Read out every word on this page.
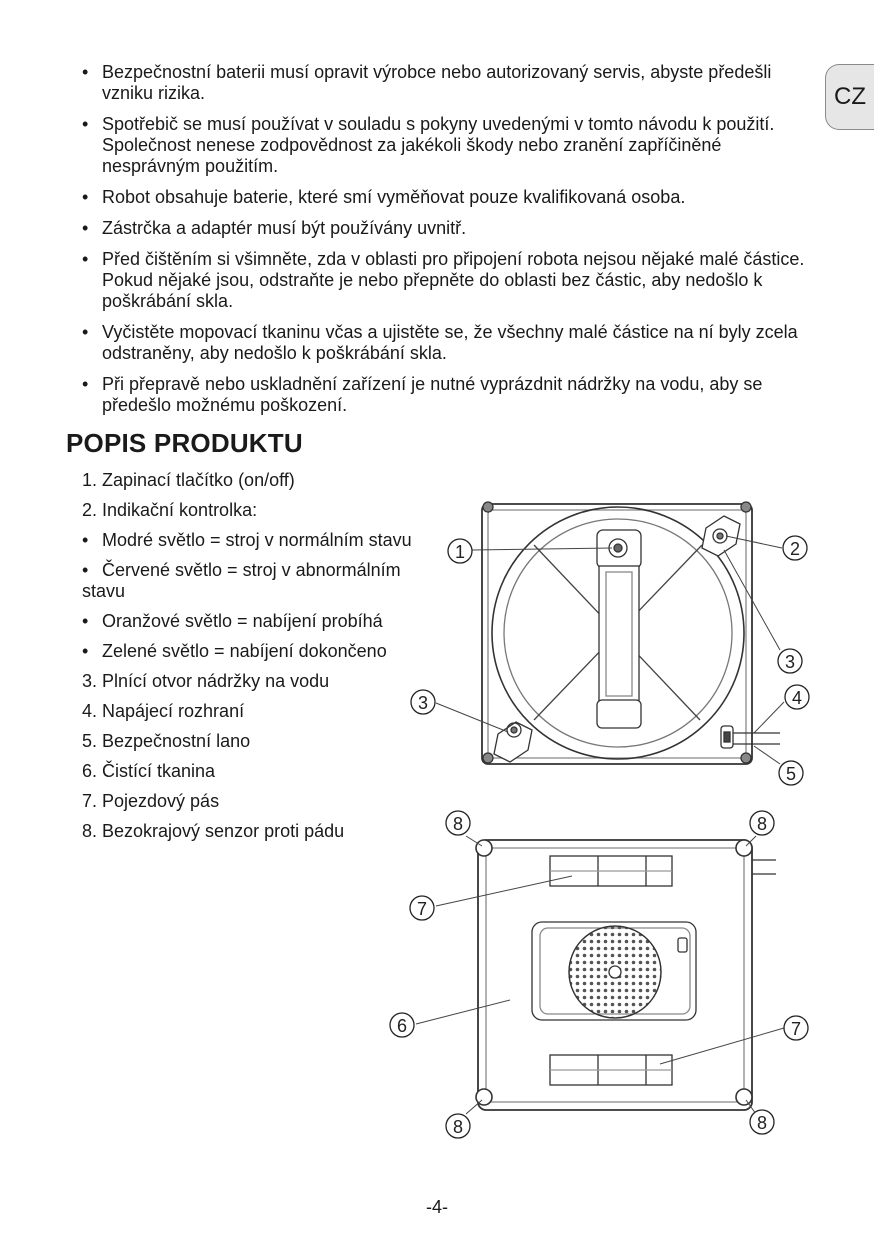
CZ
• Bezpečnostní baterii musí opravit výrobce nebo autorizovaný servis, abyste předešli vzniku rizika.
• Spotřebič se musí používat v souladu s pokyny uvedenými v tomto návodu k použití. Společnost nenese zodpovědnost za jakékoli škody nebo zranění zapříčiněné nesprávným použitím.
• Robot obsahuje baterie, které smí vyměňovat pouze kvalifikovaná osoba.
• Zástrčka a adaptér musí být používány uvnitř.
• Před čištěním si všimněte, zda v oblasti pro připojení robota nejsou nějaké malé částice. Pokud nějaké jsou, odstraňte je nebo přepněte do oblasti bez částic, aby nedošlo k poškrábání skla.
• Vyčistěte mopovací tkaninu včas a ujistěte se, že všechny malé částice na ní byly zcela odstraněny, aby nedošlo k poškrábání skla.
• Při přepravě nebo uskladnění zařízení je nutné vyprázdnit nádržky na vodu, aby se předešlo možnému poškození.
POPIS PRODUKTU
1. Zapinací tlačítko (on/off)
2. Indikační kontrolka:
• Modré světlo = stroj v normálním stavu
• Červené světlo = stroj v abnormálním stavu
• Oranžové světlo = nabíjení probíhá
• Zelené světlo = nabíjení dokončeno
3. Plnící otvor nádržky na vodu
4. Napájecí rozhraní
5. Bezpečnostní lano
6. Čistící tkanina
7. Pojezdový pás
8. Bezokrajový senzor proti pádu
1	2
3
3	4
5
8	8
7
6	7
8	8
-4-
